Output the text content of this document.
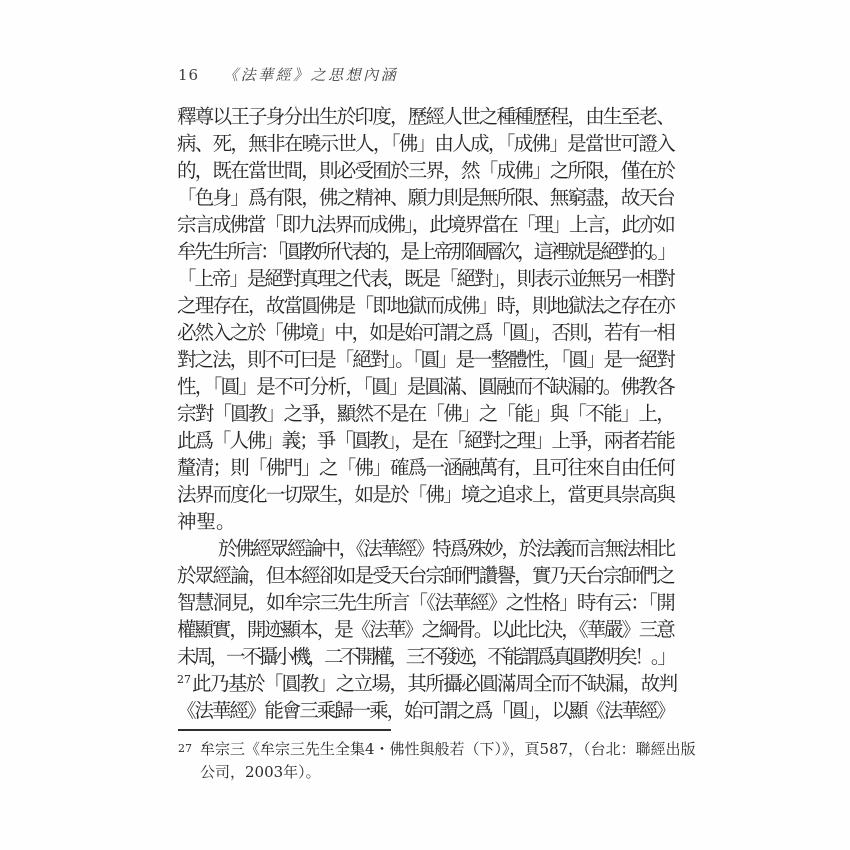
16 《法華經》之思想內涵

釋尊以王子身分出生於印度，歷經人世之種種歷程，由生至老、

病、死，無非在曉示世人，「佛」由人成，「成佛」是當世可證入

的，既在當世間，則必受囿於三界，然「成佛」之所限，僅在於

「色身」爲有限，佛之精神、願力則是無所限、無窮盡，故天台

宗言成佛當「即九法界而成佛」，此境界當在「理」上言，此亦如

牟先生所言：「圓教所代表的，是上帝那個層次，這裡就是絕對的。」

「上帝」是絕對真理之代表，既是「絕對」，則表示並無另一相對

之理存在，故當圓佛是「即地獄而成佛」時，則地獄法之存在亦

必然入之於「佛境」中，如是始可謂之爲「圓」，否則，若有一相

對之法，則不可曰是「絕對」。「圓」是一整體性，「圓」是一絕對

性，「圓」是不可分析，「圓」是圓滿、圓融而不缺漏的。佛教各

宗對「圓教」之爭，顯然不是在「佛」之「能」與「不能」上，

此爲「人佛」義；爭「圓教」，是在「絕對之理」上爭，兩者若能

釐清；則「佛門」之「佛」確爲一涵融萬有，且可往來自由任何

法界而度化一切眾生，如是於「佛」境之追求上，當更具崇高與

神聖。

於佛經眾經論中，《法華經》特爲殊妙，於法義而言無法相比

於眾經論，但本經卻如是受天台宗師們讚譽，實乃天台宗師們之

智慧洞見，如牟宗三先生所言「《法華經》之性格」時有云：「開

權顯實，開迹顯本，是《法華》之綱骨。以此比決，《華嚴》三意

未周，一不攝小機，二不開權，三不發迹，不能謂爲真圓教明矣！。」

$^{27}$此乃基於「圓教」之立場，其所攝必圓滿周全而不缺漏，故判

《法華經》能會三乘歸一乘，始可謂之爲「圓」，以顯《法華經》

27 牟宗三《牟宗三先生全集4・佛性與般若（下）》，頁587，（台北：聯經出版

公司，2003年）。
